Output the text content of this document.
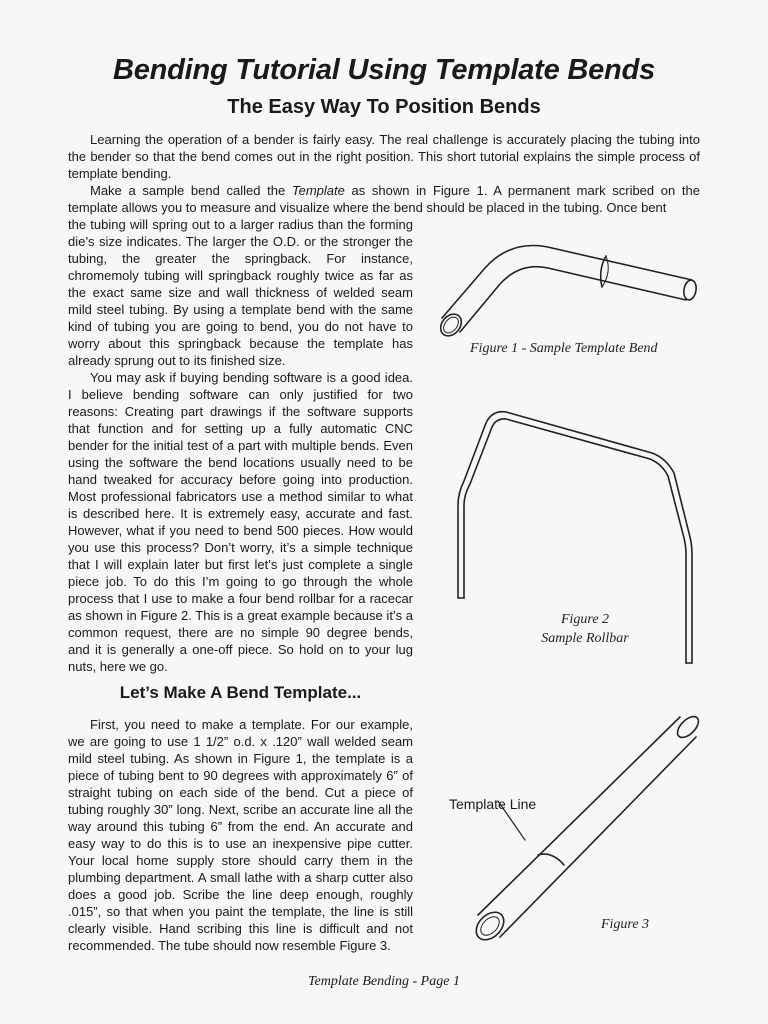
Bending Tutorial Using Template Bends
The Easy Way To Position Bends

Learning the operation of a bender is fairly easy. The real challenge is accurately placing the tubing into the bender so that the bend comes out in the right position. This short tutorial explains the simple process of template bending.

Make a sample bend called the Template as shown in Figure 1. A permanent mark scribed on the template allows you to measure and visualize where the bend should be placed in the tubing. Once bent

the tubing will spring out to a larger radius than the forming die’s size indicates. The larger the O.D. or the stronger the tubing, the greater the springback. For instance, chromemoly tubing will springback roughly twice as far as the exact same size and wall thickness of welded seam mild steel tubing. By using a template bend with the same kind of tubing you are going to bend, you do not have to worry about this springback because the template has already sprung out to its finished size.

You may ask if buying bending software is a good idea. I believe bending software can only justified for two reasons: Creating part drawings if the software supports that function and for setting up a fully automatic CNC bender for the initial test of a part with multiple bends. Even using the software the bend locations usually need to be hand tweaked for accuracy before going into production. Most professional fabricators use a method similar to what is described here. It is extremely easy, accurate and fast. However, what if you need to bend 500 pieces. How would you use this process? Don’t worry, it’s a simple technique that I will explain later but first let’s just complete a single piece job. To do this I’m going to go through the whole process that I use to make a four bend rollbar for a racecar as shown in Figure 2. This is a great example because it’s a common request, there are no simple 90 degree bends, and it is generally a one-off piece. So hold on to your lug nuts, here we go.

Let’s Make A Bend Template...

First, you need to make a template. For our example, we are going to use 1 1/2” o.d. x .120” wall welded seam mild steel tubing. As shown in Figure 1, the template is a piece of tubing bent to 90 degrees with approximately 6” of straight tubing on each side of the bend. Cut a piece of tubing roughly 30” long. Next, scribe an accurate line all the way around this tubing 6” from the end. An accurate and easy way to do this is to use an inexpensive pipe cutter. Your local home supply store should carry them in the plumbing department. A small lathe with a sharp cutter also does a good job. Scribe the line deep enough, roughly .015”, so that when you paint the template, the line is still clearly visible. Hand scribing this line is difficult and not recommended. The tube should now resemble Figure 3.

Figure 1 - Sample Template Bend
Figure 2
Sample Rollbar
Template Line
Figure 3
Template Bending - Page 1
